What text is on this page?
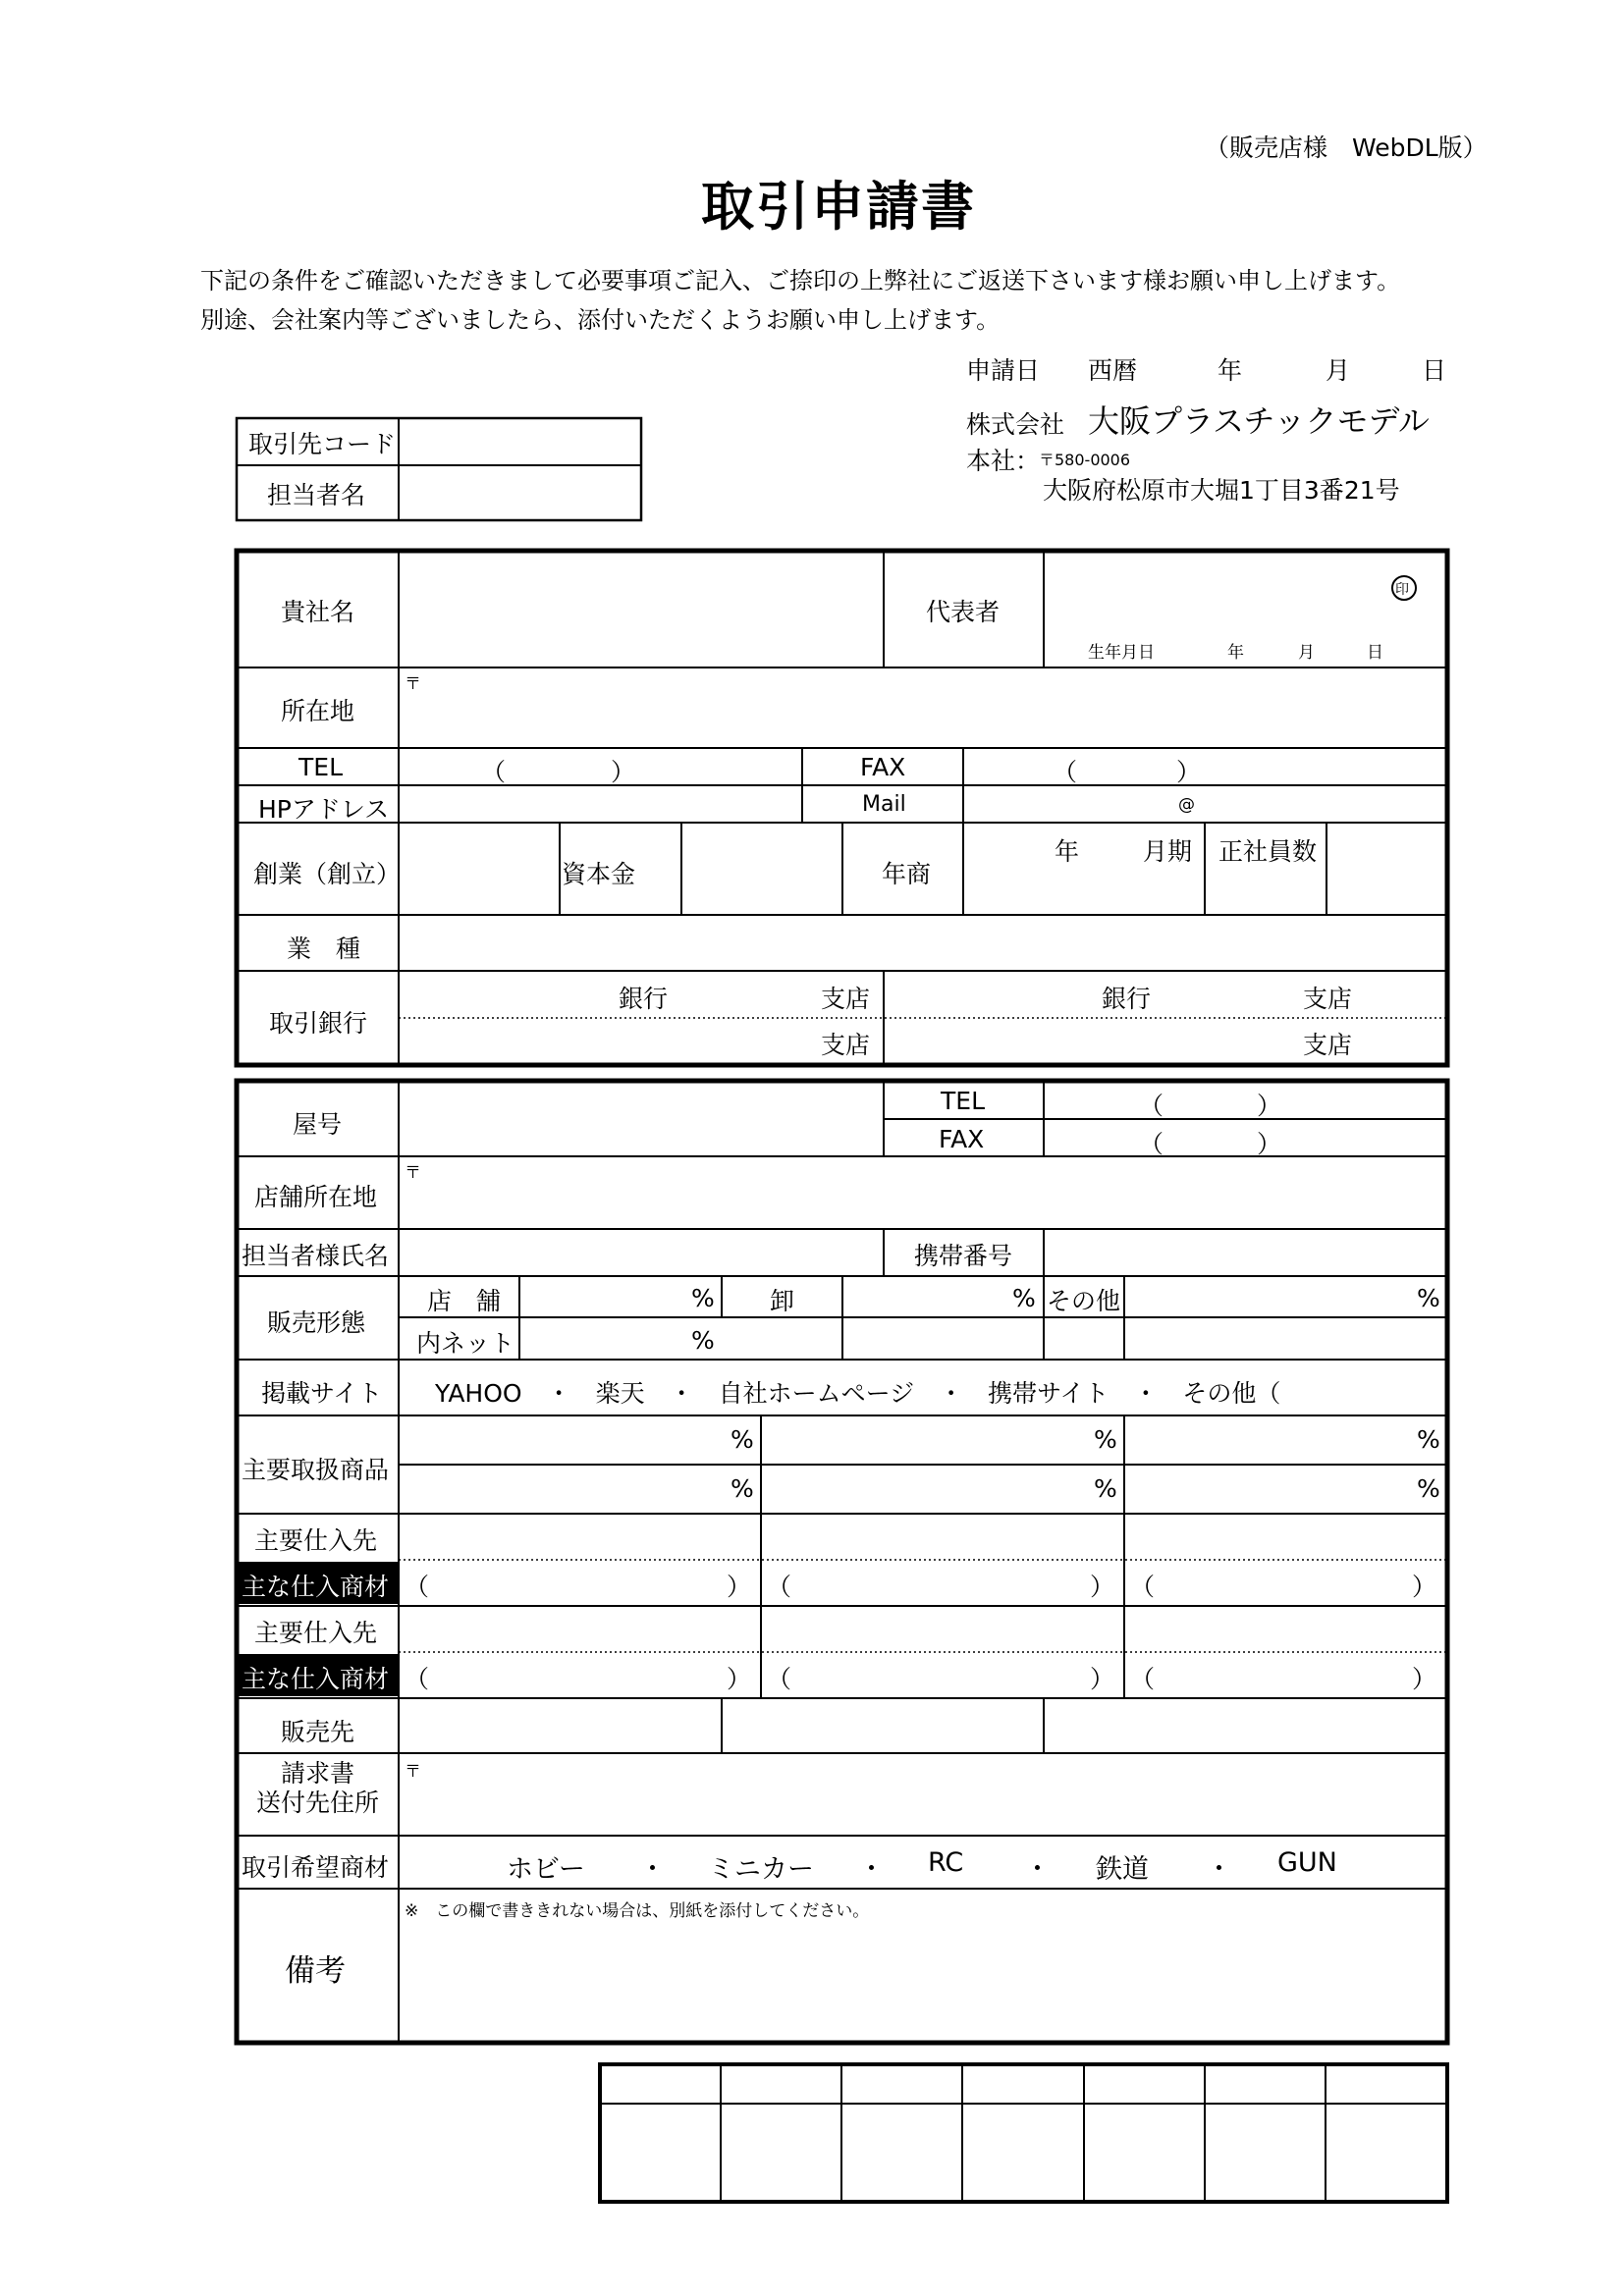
（販売店様　WebDL版）
取引申請書
下記の条件をご確認いただきまして必要事項ご記入、ご捺印の上弊社にご返送下さいます様お願い申し上げます。
別途、会社案内等ございましたら、添付いただくようお願い申し上げます。
申請日 西暦	年	月	日
株式会社 大阪プラスチックモデル
本社：
〒580-0006
大阪府松原市大堀1丁目3番21号
取引先コード
担当者名
貴社名	代表者
印
生年月日	年	月	日
所在地
〒
TEL	（	）	FAX	（	）
HPアドレス	Mail	@
創業（創立）	資本金	年商
年	月期 正社員数
業　種
取引銀行
銀行	支店	銀行	支店
支店	支店
屋号
TEL	（	）
FAX	（	）
店舗所在地
〒
担当者様氏名	携帯番号
販売形態
店　舗	% 卸	% その他	%
内ネット	%
掲載サイト YAHOO　・　楽天　・　自社ホームページ　・　携帯サイト　・　その他（
主要取扱商品
%	%	%
%	%	%
主要仕入先
主な仕入商材 （	） （	） （	）
主要仕入先
主な仕入商材 （	） （	） （	）
販売先
請求書
送付先住所
〒
取引希望商材	ホビー ・ ミニカー ・ RC ・ 鉄道 ・ GUN
備考
※　この欄で書ききれない場合は、別紙を添付してください。
